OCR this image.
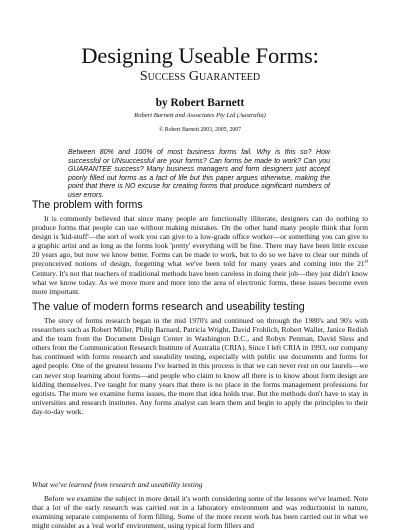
Designing Useable Forms:
Success Guaranteed
by Robert Barnett
Robert Barnett and Associates Pty Ltd (Australia)
© Robert Barnett 2003, 2005, 2007
Between 80% and 100% of most business forms fail. Why is this so? How successful or UNsuccessful are your forms? Can forms be made to work? Can you GUARANTEE success? Many business managers and form designers just accept poorly filled out forms as a fact of life but this paper argues otherwise, making the point that there is NO excuse for creating forms that produce significant numbers of user errors.
The problem with forms
It is commonly believed that since many people are functionally illiterate, designers can do nothing to produce forms that people can use without making mistakes. On the other hand many people think that form design is 'kid-stuff'—the sort of work you can give to a low-grade office worker—or something you can give to a graphic artist and as long as the forms look 'pretty' everything will be fine. There may have been little excuse 20 years ago, but now we know better. Forms can be made to work, but to do so we have to clear our minds of preconceived notions of design, forgetting what we've been told for many years and coming into the 21st Century. It's not that teachers of traditional methods have been careless in doing their job—they just didn't know what we know today. As we move more and more into the area of electronic forms, these issues become even more important.
The value of modern forms research and useability testing
The story of forms research began in the mid 1970's and continued on through the 1980's and 90's with researchers such as Robert Miller, Philip Barnard, Patricia Wright, David Frohlich, Robert Waller, Janice Redish and the team from the Document Design Center in Washington D.C., and Robyn Penman, David Sless and others from the Communication Research Institute of Australia (CRIA). Since I left CRIA in 1993, our company has continued with forms research and useability testing, especially with public use documents and forms for aged people. One of the greatest lessons I've learned in this process is that we can never rest on our laurels—we can never stop learning about forms—and people who claim to know all there is to know about form design are kidding themselves. I've taught for many years that there is no place in the forms management professions for egotists. The more we examine forms issues, the more that idea holds true. But the methods don't have to stay in universities and research institutes. Any forms analyst can learn them and begin to apply the principles to their day-to-day work.
What we've learned from research and useability testing
Before we examine the subject in more detail it's worth considering some of the lessons we've learned. Note that a lot of the early research was carried out in a laboratory environment and was reductionist in nature, examining separate components of form filling. Some of the more recent work has been carried out in what we might consider as a 'real world' environment, using typical form fillers and
